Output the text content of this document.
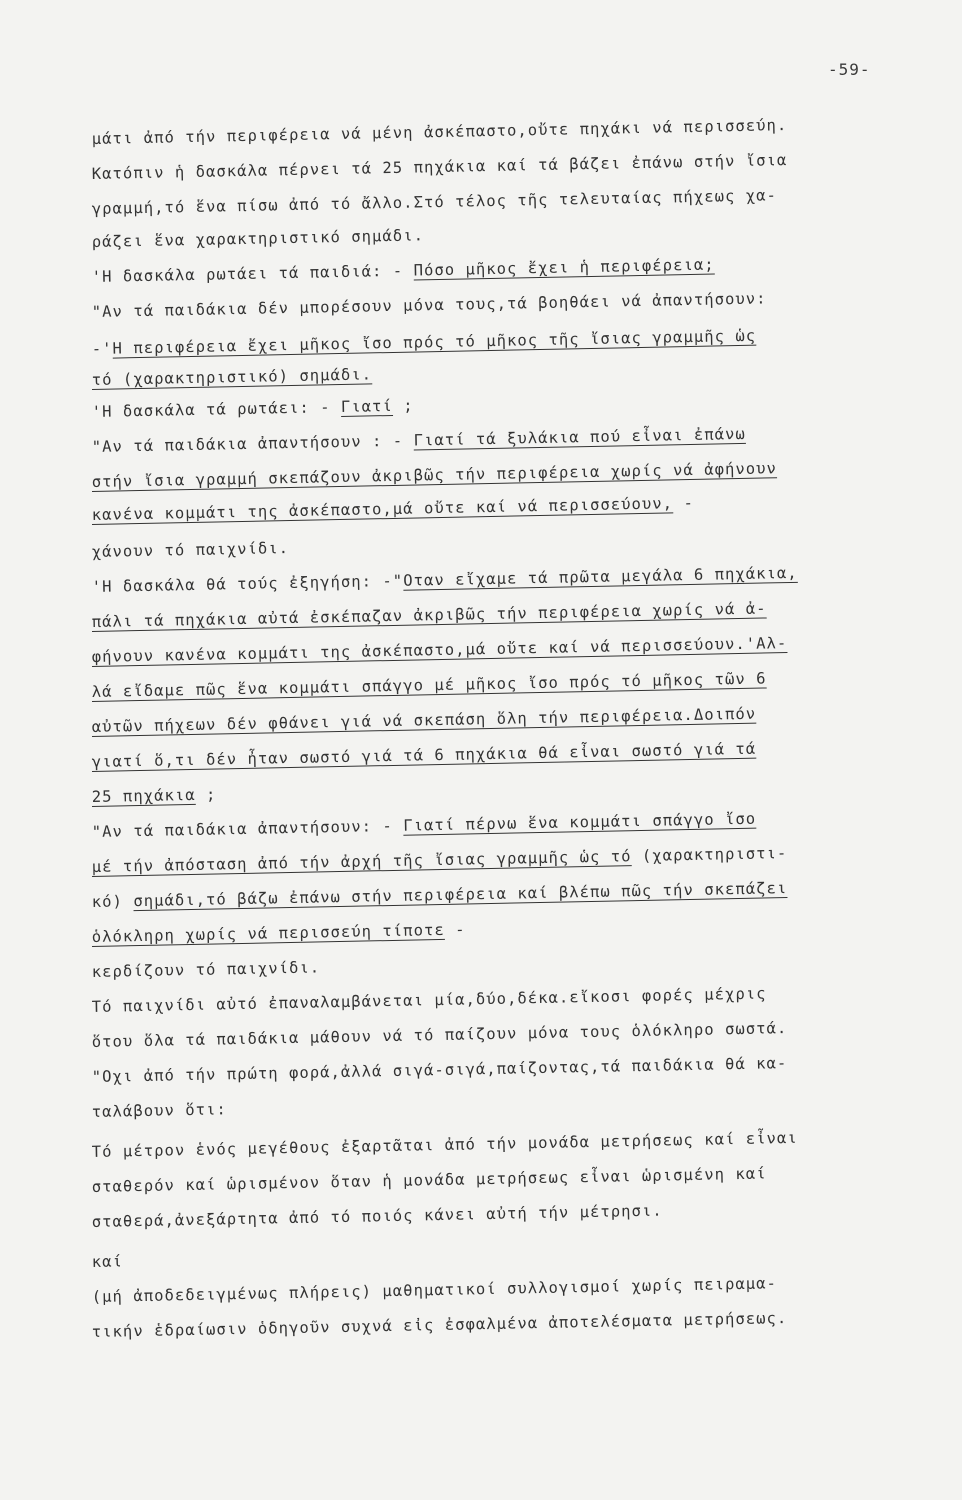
-59-
μάτι ἀπό τήν περιφέρεια νά μένη ἀσκέπαστο,οὔτε πηχάκι νά περισσεύη.
Κατόπιν ἡ δασκάλα πέρνει τά 25 πηχάκια καί τά βάζει ἐπάνω στήν ἴσια
γραμμή,τό ἕνα πίσω ἀπό τό ἄλλο.Στό τέλος τῆς τελευταίας πήχεως χα-
ράζει ἕνα χαρακτηριστικό σημάδι.
'Η δασκάλα ρωτάει τά παιδιά: - Πόσο μῆκος ἔχει ἡ περιφέρεια;
"Αν τά παιδάκια δέν μπορέσουν μόνα τους,τά βοηθάει νά ἀπαντήσουν:
-'Η περιφέρεια ἔχει μῆκος ἴσο πρός τό μῆκος τῆς ἴσιας γραμμῆς ὡς
τό (χαρακτηριστικό) σημάδι.
'Η δασκάλα τά ρωτάει: - Γιατί ;
"Αν τά παιδάκια ἀπαντήσουν : - Γιατί τά ξυλάκια πού εἶναι ἐπάνω
στήν ἴσια γραμμή σκεπάζουν ἀκριβῶς τήν περιφέρεια χωρίς νά ἀφήνουν
κανένα κομμάτι της ἀσκέπαστο,μά οὔτε καί νά περισσεύουν, -
χάνουν τό παιχνίδι.
'Η δασκάλα θά τούς ἐξηγήση: -"Οταν εἴχαμε τά πρῶτα μεγάλα 6 πηχάκια,
πάλι τά πηχάκια αὐτά ἐσκέπαζαν ἀκριβῶς τήν περιφέρεια χωρίς νά ἀ-
φήνουν κανένα κομμάτι της ἀσκέπαστο,μά οὔτε καί νά περισσεύουν.'Αλ-
λά εἴδαμε πῶς ἕνα κομμάτι σπάγγο μέ μῆκος ἴσο πρός τό μῆκος τῶν 6
αὐτῶν πήχεων δέν φθάνει γιά νά σκεπάση ὅλη τήν περιφέρεια.Δοιπόν
γιατί ὅ,τι δέν ἦταν σωστό γιά τά 6 πηχάκια θά εἶναι σωστό γιά τά
25 πηχάκια ;
"Αν τά παιδάκια ἀπαντήσουν: - Γιατί πέρνω ἕνα κομμάτι σπάγγο ἴσο
μέ τήν ἀπόσταση ἀπό τήν ἀρχή τῆς ἴσιας γραμμῆς ὡς τό (χαρακτηριστι-
κό) σημάδι,τό βάζω ἐπάνω στήν περιφέρεια καί βλέπω πῶς τήν σκεπάζει
ὁλόκληρη χωρίς νά περισσεύη τίποτε -
κερδίζουν τό παιχνίδι.
Τό παιχνίδι αὐτό ἐπαναλαμβάνεται μία,δύο,δέκα.εἴκοσι φορές μέχρις
ὅτου ὅλα τά παιδάκια μάθουν νά τό παίζουν μόνα τους ὁλόκληρο σωστά.
"Οχι ἀπό τήν πρώτη φορά,ἀλλά σιγά-σιγά,παίζοντας,τά παιδάκια θά κα-
ταλάβουν ὅτι:
Τό μέτρον ἑνός μεγέθους ἐξαρτᾶται ἀπό τήν μονάδα μετρήσεως καί εἶναι
σταθερόν καί ὡρισμένον ὅταν ἡ μονάδα μετρήσεως εἶναι ὡρισμένη καί
σταθερά,ἀνεξάρτητα ἀπό τό ποιός κάνει αὐτή τήν μέτρησι.
καί
(μή ἀποδεδειγμένως πλήρεις) μαθηματικοί συλλογισμοί χωρίς πειραμα-
τικήν ἑδραίωσιν ὁδηγοῦν συχνά εἰς ἐσφαλμένα ἀποτελέσματα μετρήσεως.
